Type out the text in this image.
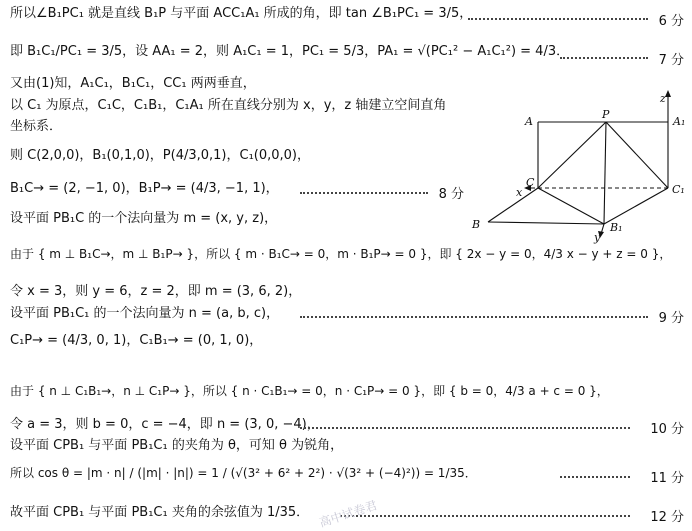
所以∠B₁PC₁ 就是直线 B₁P 与平面 ACC₁A₁ 所成的角，即 tan ∠B₁PC₁ = 3/5，
6 分
即 B₁C₁/PC₁ = 3/5，设 AA₁ = 2，则 A₁C₁ = 1，PC₁ = 5/3，PA₁ = √(PC₁² − A₁C₁²) = 4/3．
7 分
又由(1)知，A₁C₁，B₁C₁，CC₁ 两两垂直，
以 C₁ 为原点，C₁C，C₁B₁，C₁A₁ 所在直线分别为 x，y，z 轴建立空间直角
坐标系．
则 C(2,0,0)，B₁(0,1,0)，P(4/3,0,1)，C₁(0,0,0)，
B₁C→ = (2, −1, 0)，B₁P→ = (4/3, −1, 1)，	8 分
设平面 PB₁C 的一个法向量为 m = (x, y, z)，
由于 { m ⊥ B₁C→，m ⊥ B₁P→ }，所以 { m · B₁C→ = 0，m · B₁P→ = 0 }，即 { 2x − y = 0，4/3 x − y + z = 0 }，
令 x = 3，则 y = 6，z = 2，即 m = (3, 6, 2)，
设平面 PB₁C₁ 的一个法向量为 n = (a, b, c)，	9 分
C₁P→ = (4/3, 0, 1)，C₁B₁→ = (0, 1, 0)，
由于 { n ⊥ C₁B₁→，n ⊥ C₁P→ }，所以 { n · C₁B₁→ = 0，n · C₁P→ = 0 }，即 { b = 0，4/3 a + c = 0 }，
令 a = 3，则 b = 0，c = −4，即 n = (3, 0, −4)，	10 分
设平面 CPB₁ 与平面 PB₁C₁ 的夹角为 θ，可知 θ 为锐角，
所以 cos θ = |m · n| / (|m| · |n|) = 1 / (√(3² + 6² + 2²) · √(3² + (−4)²)) = 1/35．	11 分
故平面 CPB₁ 与平面 PB₁C₁ 夹角的余弦值为 1/35．	12 分
高中试卷君
A
P
A₁
C
C₁
B	B₁
x
y
z
